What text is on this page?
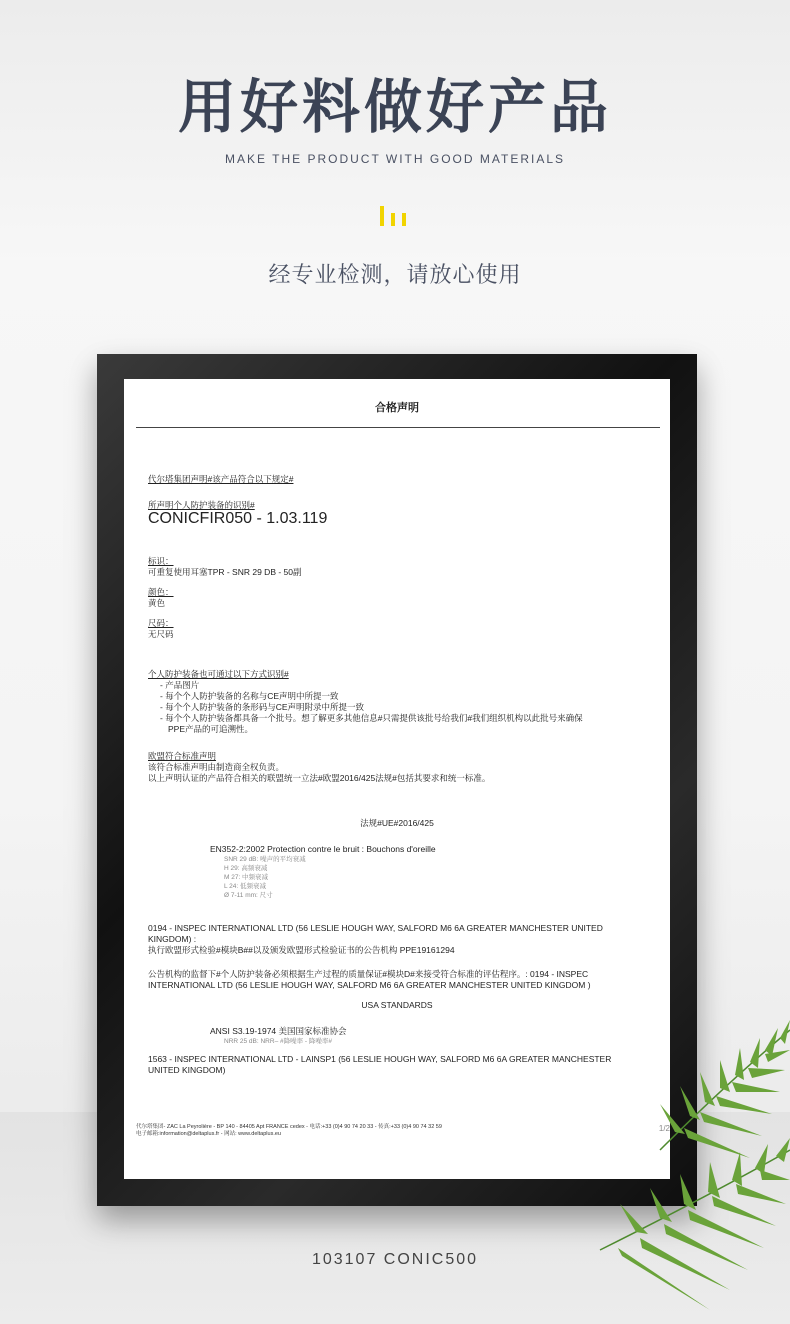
用好料做好产品
MAKE THE PRODUCT WITH GOOD MATERIALS
经专业检测，请放心使用
合格声明
代尔塔集团声明#该产品符合以下规定#
所声明个人防护装备的识别#
CONICFIR050 - 1.03.119
标识：
可重复使用耳塞TPR - SNR 29 DB - 50副
颜色：
黄色
尺码：
无尺码
个人防护装备也可通过以下方式识别#
- 产品图片
- 每个个人防护装备的名称与CE声明中所提一致
- 每个个人防护装备的条形码与CE声明附录中所提一致
- 每个个人防护装备都具备一个批号。想了解更多其他信息#只需提供该批号给我们#我们组织机构以此批号来确保
PPE产品的可追溯性。
欧盟符合标准声明
该符合标准声明由制造商全权负责。
以上声明认证的产品符合相关的联盟统一立法#欧盟2016/425法规#包括其要求和统一标准。
法规#UE#2016/425
EN352-2:2002 Protection contre le bruit : Bouchons d'oreille
SNR 29 dB: 噪声的平均衰减
H 29: 高频衰减
M 27: 中频衰减
L 24: 低频衰减
Ø 7-11 mm: 尺寸
0194 - INSPEC INTERNATIONAL LTD (56 LESLIE HOUGH WAY, SALFORD M6 6A GREATER MANCHESTER UNITED
KINGDOM) :
执行欧盟形式检验#模块B##以及颁发欧盟形式检验证书的公告机构 PPE19161294
公告机构的监督下#个人防护装备必须根据生产过程的质量保证#模块D#来接受符合标准的评估程序。: 0194 - INSPEC
INTERNATIONAL LTD (56 LESLIE HOUGH WAY, SALFORD M6 6A GREATER MANCHESTER UNITED KINGDOM )
USA STANDARDS
ANSI S3.19-1974 美国国家标准协会
NRR 25 dB: NRR– #降噪率 - 降噪率#
1563 - INSPEC INTERNATIONAL LTD - LAINSP1 (56 LESLIE HOUGH WAY, SALFORD M6 6A GREATER MANCHESTER
UNITED KINGDOM)
代尔塔集团- ZAC La Peyrolière - BP 140 - 84405 Apt FRANCE cedex - 电话:+33 (0)4 90 74 20 33 - 传真:+33 (0)4 90 74 32 59
电子邮箱:information@deltaplus.fr - 网站: www.deltaplus.eu
1/2
103107 CONIC500
